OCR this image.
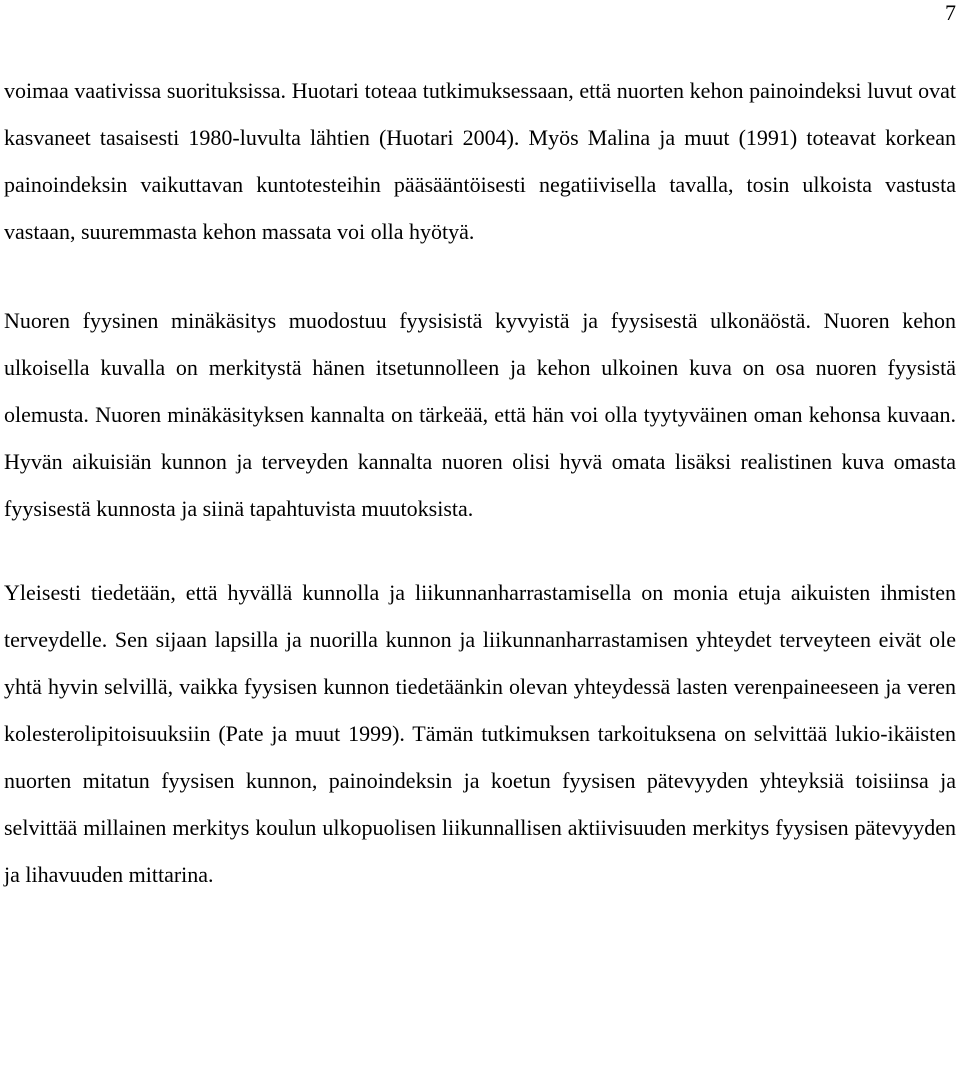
7

voimaa vaativissa suorituksissa. Huotari toteaa tutkimuksessaan, että nuorten kehon painoindeksi luvut ovat kasvaneet tasaisesti 1980-luvulta lähtien (Huotari 2004). Myös Malina ja muut (1991) toteavat korkean painoindeksin vaikuttavan kuntotesteihin pääsääntöisesti negatiivisella tavalla, tosin ulkoista vastusta vastaan, suuremmasta kehon massata voi olla hyötyä.

Nuoren fyysinen minäkäsitys muodostuu fyysisistä kyvyistä ja fyysisestä ulkonäöstä. Nuoren kehon ulkoisella kuvalla on merkitystä hänen itsetunnolleen ja kehon ulkoinen kuva on osa nuoren fyysistä olemusta. Nuoren minäkäsityksen kannalta on tärkeää, että hän voi olla tyytyväinen oman kehonsa kuvaan. Hyvän aikuisiän kunnon ja terveyden kannalta nuoren olisi hyvä omata lisäksi realistinen kuva omasta fyysisestä kunnosta ja siinä tapahtuvista muutoksista.

Yleisesti tiedetään, että hyvällä kunnolla ja liikunnanharrastamisella on monia etuja aikuisten ihmisten terveydelle. Sen sijaan lapsilla ja nuorilla kunnon ja liikunnanharrastamisen yhteydet terveyteen eivät ole yhtä hyvin selvillä, vaikka fyysisen kunnon tiedetäänkin olevan yhteydessä lasten verenpaineeseen ja veren kolesterolipitoisuuksiin (Pate ja muut 1999). Tämän tutkimuksen tarkoituksena on selvittää lukio-ikäisten nuorten mitatun fyysisen kunnon, painoindeksin ja koetun fyysisen pätevyyden yhteyksiä toisiinsa ja selvittää millainen merkitys koulun ulkopuolisen liikunnallisen aktiivisuuden merkitys fyysisen pätevyyden ja lihavuuden mittarina.
